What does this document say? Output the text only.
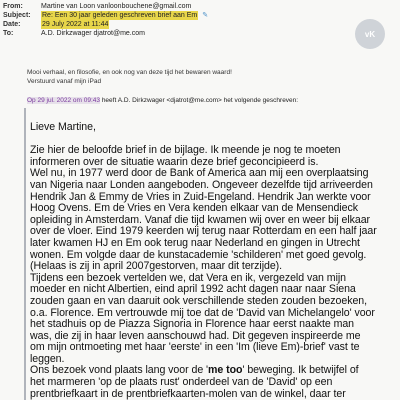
From:	Martine van Loon vanloonbouchene@gmail.com
Subject:	Re: Een 30 jaar geleden geschreven brief aan Em ✎
Date:	29 July 2022 at 11:44
To:	A.D. Dirkzwager djatrot@me.com	vK
Mooi verhaal, en filosofie, en ook nog van deze tijd het bewaren waard!
Verstuurd vanaf mijn iPad
Op 29 jul. 2022 om 09:43 heeft A.D. Dirkzwager <djatrot@me.com> het volgende geschreven:

Lieve Martine,

Zie hier de beloofde brief in de bijlage. Ik meende je nog te moeten

informeren over de situatie waarin deze brief geconcipieerd is.

Wel nu, in 1977 werd door de Bank of America aan mij een overplaatsing

van Nigeria naar Londen aangeboden. Ongeveer dezelfde tijd arriveerden

Hendrik Jan & Emmy de Vries in Zuid-Engeland. Hendrik Jan werkte voor

Hoog Ovens. Em de Vries en Vera kenden elkaar van de Mensendieck

opleiding in Amsterdam. Vanaf die tijd kwamen wij over en weer bij elkaar

over de vloer. Eind 1979 keerden wij terug naar Rotterdam en een half jaar

later kwamen HJ en Em ook terug naar Nederland en gingen in Utrecht

wonen. Em volgde daar de kunstacademie 'schilderen' met goed gevolg.

(Helaas is zij in april 2007gestorven, maar dit terzijde).

Tijdens een bezoek vertelden we, dat Vera en ik, vergezeld van mijn

moeder en nicht Albertien, eind april 1992 acht dagen naar naar Siena

zouden gaan en van daaruit ook verschillende steden zouden bezoeken,

o.a. Florence. Em vertrouwde mij toe dat de 'David van Michelangelo' voor

het stadhuis op de Piazza Signoria in Florence haar eerst naakte man

was, die zij in haar leven aanschouwd had. Dit gegeven inspireerde me

om mijn ontmoeting met haar 'eerste' in een 'Im (lieve Em)-brief' vast te

leggen.

Ons bezoek vond plaats lang voor de 'me too' beweging. Ik betwijfel of

het marmeren 'op de plaats rust' onderdeel van de 'David' op een

prentbriefkaart in de prentbriefkaarten-molen van de winkel, daar ter
